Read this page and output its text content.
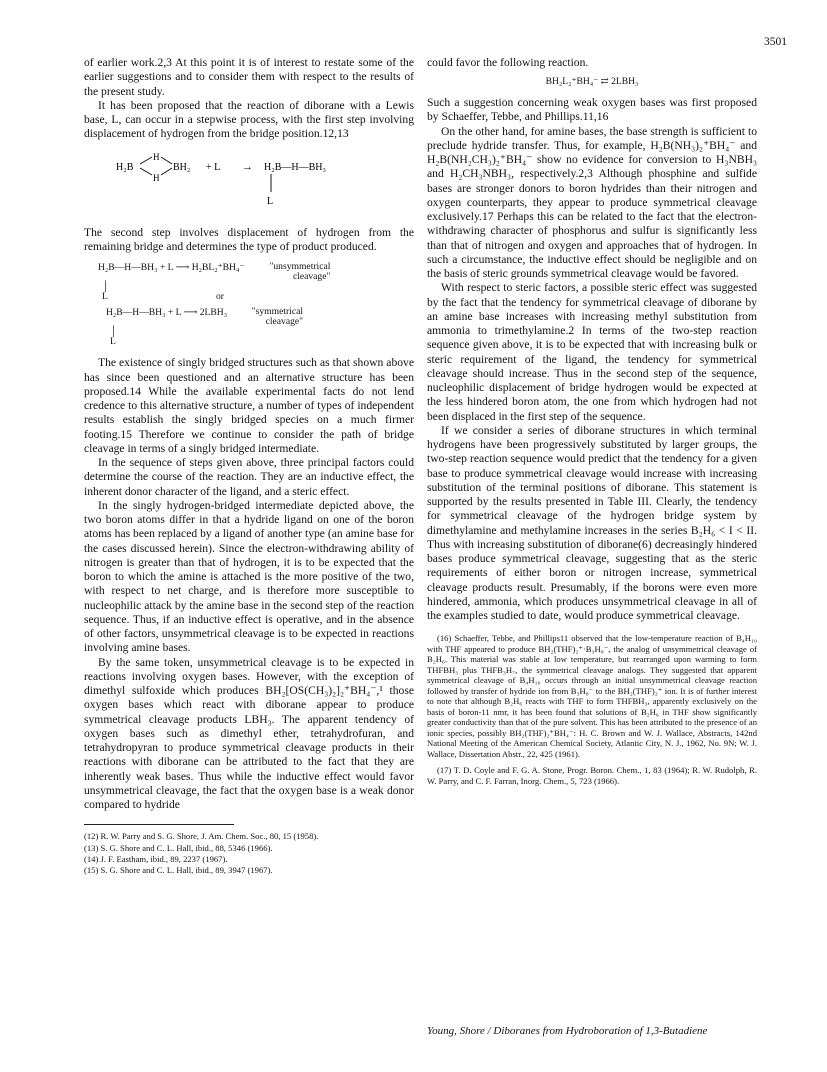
3501

of earlier work.2,3 At this point it is of interest to restate some of the earlier suggestions and to consider them with respect to the results of the present study.

It has been proposed that the reaction of diborane with a Lewis base, L, can occur in a stepwise process, with the first step involving displacement of hydrogen from the bridge position.12,13

H₂B
H
H
BH₂ + L → H₂B—H—BH₃
L

The second step involves displacement of hydrogen from the remaining bridge and determines the type of product produced.

H₂B—H—BH₃ + L ⟶ H₂BL₂⁺BH₄⁻	"unsymmetrical cleavage"
│
L	or
H₂B—H—BH₃ + L ⟶ 2LBH₃	"symmetrical cleavage"
│
L

The existence of singly bridged structures such as that shown above has since been questioned and an alternative structure has been proposed.14 While the available experimental facts do not lend credence to this alternative structure, a number of types of independent results establish the singly bridged species on a much firmer footing.15 Therefore we continue to consider the path of bridge cleavage in terms of a singly bridged intermediate.

In the sequence of steps given above, three principal factors could determine the course of the reaction. They are an inductive effect, the inherent donor character of the ligand, and a steric effect.

In the singly hydrogen-bridged intermediate depicted above, the two boron atoms differ in that a hydride ligand on one of the boron atoms has been replaced by a ligand of another type (an amine base for the cases discussed herein). Since the electron-withdrawing ability of nitrogen is greater than that of hydrogen, it is to be expected that the boron to which the amine is attached is the more positive of the two, with respect to net charge, and is therefore more susceptible to nucleophilic attack by the amine base in the second step of the reaction sequence. Thus, if an inductive effect is operative, and in the absence of other factors, unsymmetrical cleavage is to be expected in reactions involving amine bases.

By the same token, unsymmetrical cleavage is to be expected in reactions involving oxygen bases. However, with the exception of dimethyl sulfoxide which produces BH₂[OS(CH₃)₂]₂⁺BH₄⁻,¹ those oxygen bases which react with diborane appear to produce symmetrical cleavage products LBH₃. The apparent tendency of oxygen bases such as dimethyl ether, tetrahydrofuran, and tetrahydropyran to produce symmetrical cleavage products in their reactions with diborane can be attributed to the fact that they are inherently weak bases. Thus while the inductive effect would favor unsymmetrical cleavage, the fact that the oxygen base is a weak donor compared to hydride

(12) R. W. Parry and S. G. Shore, J. Am. Chem. Soc., 80, 15 (1958).
(13) S. G. Shore and C. L. Hall, ibid., 88, 5346 (1966).
(14) J. F. Eastham, ibid., 89, 2237 (1967).
(15) S. G. Shore and C. L. Hall, ibid., 89, 3947 (1967).

could favor the following reaction.

BH₂L₂⁺BH₄⁻ ⇄ 2LBH₃

Such a suggestion concerning weak oxygen bases was first proposed by Schaeffer, Tebbe, and Phillips.11,16

On the other hand, for amine bases, the base strength is sufficient to preclude hydride transfer. Thus, for example, H₂B(NH₃)₂⁺BH₄⁻ and H₂B(NH₂CH₃)₂⁺BH₄⁻ show no evidence for conversion to H₃NBH₃ and H₂CH₃NBH₃, respectively.2,3 Although phosphine and sulfide bases are stronger donors to boron hydrides than their nitrogen and oxygen counterparts, they appear to produce symmetrical cleavage exclusively.17 Perhaps this can be related to the fact that the electron-withdrawing character of phosphorus and sulfur is significantly less than that of nitrogen and oxygen and approaches that of hydrogen. In such a circumstance, the inductive effect should be negligible and on the basis of steric grounds symmetrical cleavage would be favored.

With respect to steric factors, a possible steric effect was suggested by the fact that the tendency for symmetrical cleavage of diborane by an amine base increases with increasing methyl substitution from ammonia to trimethylamine.2 In terms of the two-step reaction sequence given above, it is to be expected that with increasing bulk or steric requirement of the ligand, the tendency for symmetrical cleavage should increase. Thus in the second step of the sequence, nucleophilic displacement of bridge hydrogen would be expected at the less hindered boron atom, the one from which hydrogen had not been displaced in the first step of the sequence.

If we consider a series of diborane structures in which terminal hydrogens have been progressively substituted by larger groups, the two-step reaction sequence would predict that the tendency for a given base to produce symmetrical cleavage would increase with increasing substitution of the terminal positions of diborane. This statement is supported by the results presented in Table III. Clearly, the tendency for symmetrical cleavage of the hydrogen bridge system by dimethylamine and methylamine increases in the series B₂H₆ < I < II. Thus with increasing substitution of diborane(6) decreasingly hindered bases produce symmetrical cleavage, suggesting that as the steric requirements of either boron or nitrogen increase, symmetrical cleavage products result. Presumably, if the borons were even more hindered, ammonia, which produces unsymmetrical cleavage in all of the examples studied to date, would produce symmetrical cleavage.

(16) Schaeffer, Tebbe, and Phillips11 observed that the low-temperature reaction of B₄H₁₀ with THF appeared to produce BH₂(THF)₂⁺·B₃H₈⁻, the analog of unsymmetrical cleavage of B₂H₆. This material was stable at low temperature, but rearranged upon warming to form THFBH₃ plus THFB₃H₇, the symmetrical cleavage analogs. They suggested that apparent symmetrical cleavage of B₄H₁₀ occurs through an initial unsymmetrical cleavage reaction followed by transfer of hydride ion from B₃H₈⁻ to the BH₂(THF)₂⁺ ion. It is of further interest to note that although B₂H₆ reacts with THF to form THFBH₃, apparently exclusively on the basis of boron-11 nmr, it has been found that solutions of B₂H₆ in THF show significantly greater conductivity than that of the pure solvent. This has been attributed to the presence of an ionic species, possibly BH₂(THF)₂⁺BH₄⁻: H. C. Brown and W. J. Wallace, Abstracts, 142nd National Meeting of the American Chemical Society, Atlantic City, N. J., 1962, No. 9N; W. J. Wallace, Dissertation Abstr., 22, 425 (1961).
(17) T. D. Coyle and F. G. A. Stone, Progr. Boron. Chem., 1, 83 (1964); R. W. Rudolph, R. W. Parry, and C. F. Farran, Inorg. Chem., 5, 723 (1966).
Young, Shore / Diboranes from Hydroboration of 1,3-Butadiene
